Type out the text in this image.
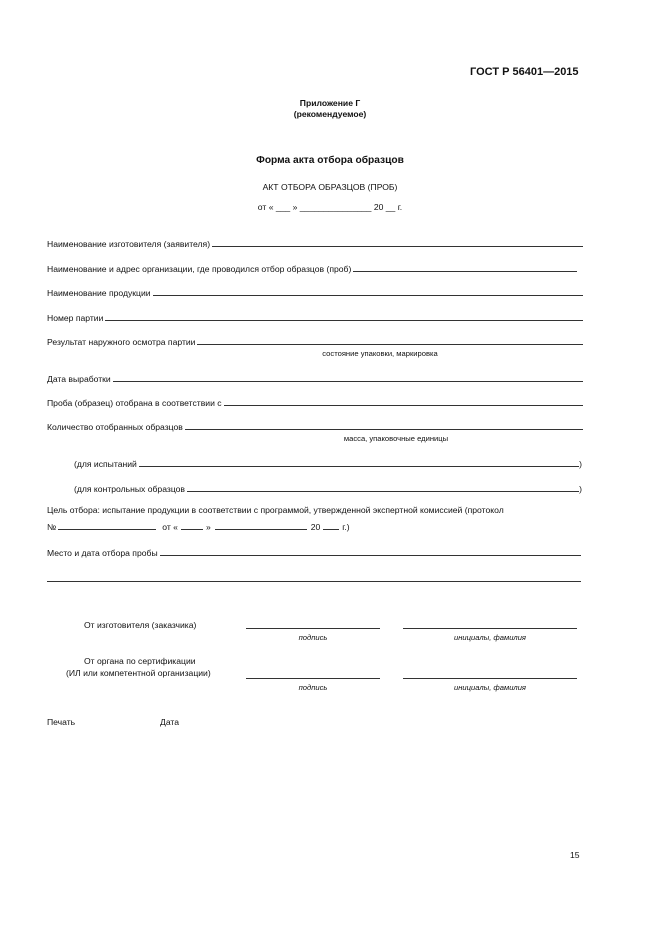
ГОСТ Р 56401—2015
Приложение Г
(рекомендуемое)
Форма акта отбора образцов
АКТ ОТБОРА ОБРАЗЦОВ (ПРОБ)
от « ___ » _______________ 20 __ г.
Наименование изготовителя (заявителя)
Наименование и адрес организации, где проводился отбор образцов (проб)
Наименование продукции
Номер партии
Результат наружного осмотра партии
состояние упаковки, маркировка
Дата выработки
Проба (образец) отобрана в соответствии с
Количество отобранных образцов
масса, упаковочные единицы
(для испытаний	)
(для контрольных образцов	)
Цель отбора: испытание продукции в соответствии с программой, утвержденной экспертной комиссией (протокол
№	от «	»	20	г.)
Место и дата отбора пробы
От изготовителя (заказчика)
подпись	инициалы, фамилия
От органа по сертификации
(ИЛ или компетентной организации)
подпись	инициалы, фамилия
Печать	Дата
15
